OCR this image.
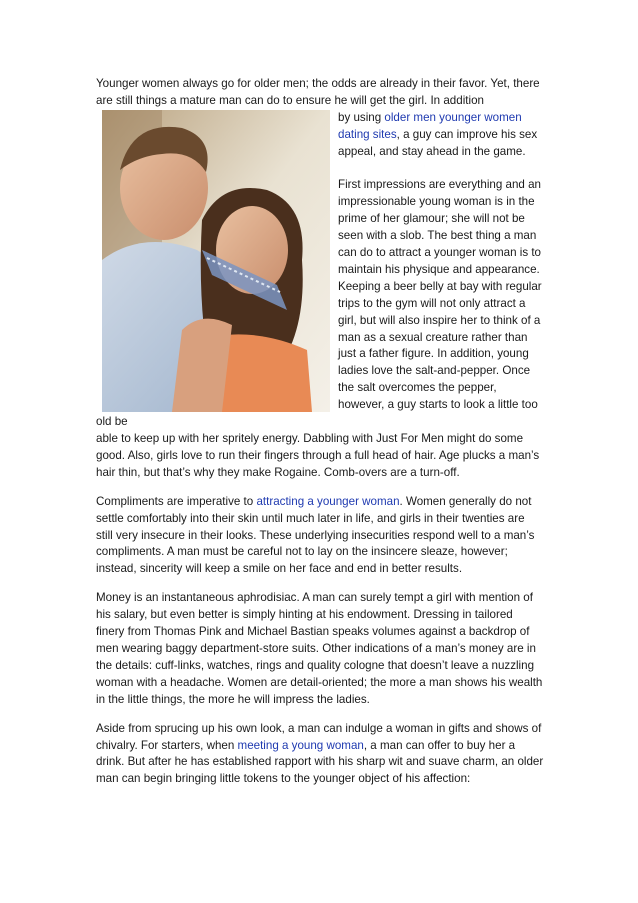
Younger women always go for older men; the odds are already in their favor. Yet, there are still things a mature man can do to ensure he will get the girl. In addition

by using older men younger women dating sites, a guy can improve his sex appeal, and stay ahead in the game.

First impressions are everything and an impressionable young woman is in the prime of her glamour; she will not be seen with a slob. The best thing a man can do to attract a younger woman is to maintain his physique and appearance. Keeping a beer belly at bay with regular trips to the gym will not only attract a girl, but will also inspire her to think of a man as a sexual creature rather than just a father figure. In addition, young ladies love the salt-and-pepper. Once the salt overcomes the pepper, however, a guy starts to look a little too old be

able to keep up with her spritely energy. Dabbling with Just For Men might do some good. Also, girls love to run their fingers through a full head of hair. Age plucks a man’s hair thin, but that’s why they make Rogaine. Comb-overs are a turn-off.

Compliments are imperative to attracting a younger woman. Women generally do not settle comfortably into their skin until much later in life, and girls in their twenties are still very insecure in their looks. These underlying insecurities respond well to a man’s compliments. A man must be careful not to lay on the insincere sleaze, however; instead, sincerity will keep a smile on her face and end in better results.

Money is an instantaneous aphrodisiac. A man can surely tempt a girl with mention of his salary, but even better is simply hinting at his endowment. Dressing in tailored finery from Thomas Pink and Michael Bastian speaks volumes against a backdrop of men wearing baggy department-store suits. Other indications of a man’s money are in the details: cuff-links, watches, rings and quality cologne that doesn’t leave a nuzzling woman with a headache. Women are detail-oriented; the more a man shows his wealth in the little things, the more he will impress the ladies.

Aside from sprucing up his own look, a man can indulge a woman in gifts and shows of chivalry. For starters, when meeting a young woman, a man can offer to buy her a drink. But after he has established rapport with his sharp wit and suave charm, an older man can begin bringing little tokens to the younger object of his affection:
